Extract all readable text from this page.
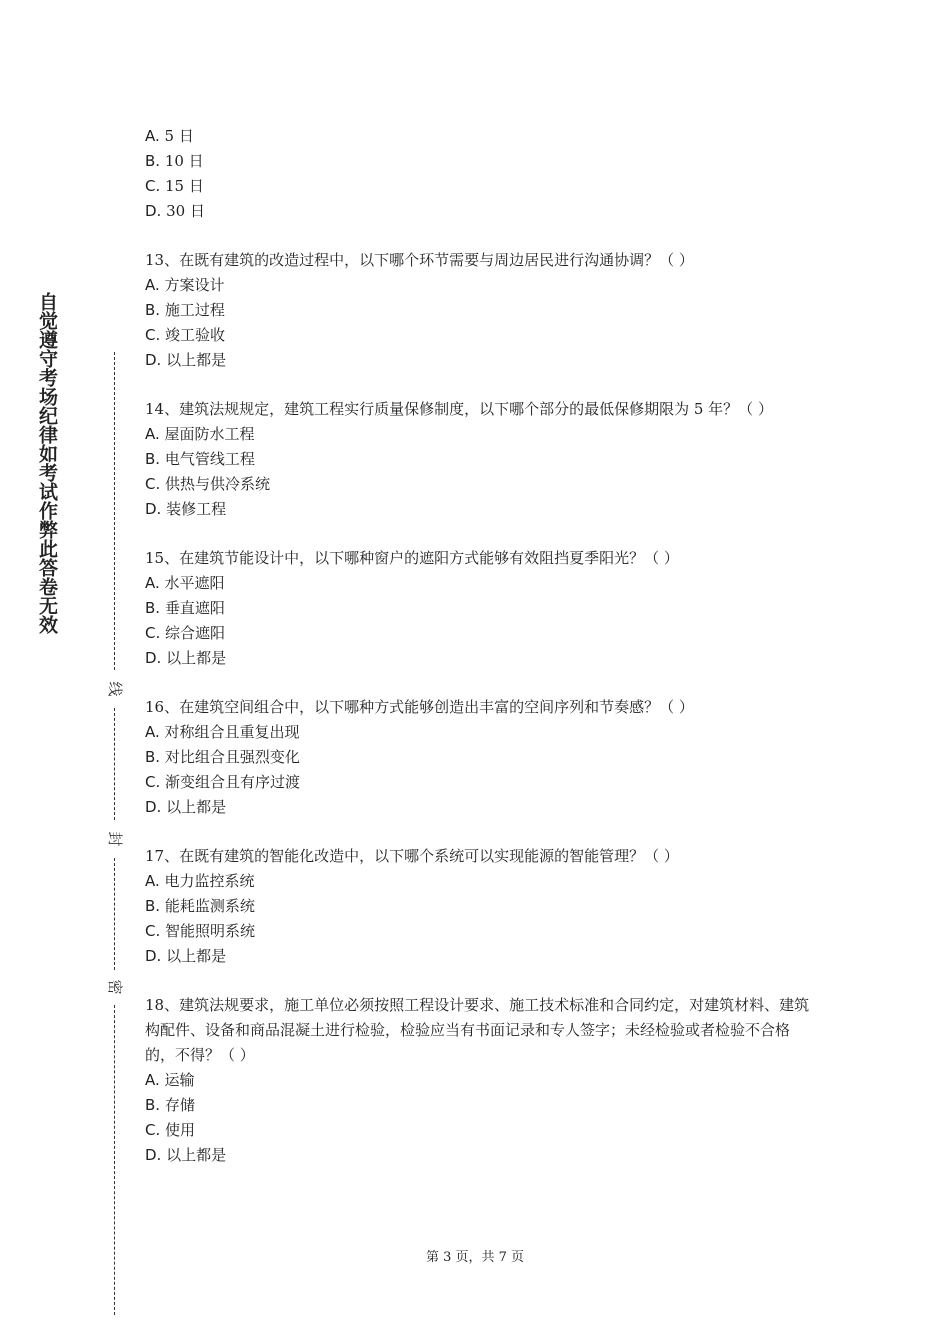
自觉遵守考场纪律如考试作弊此答卷无效
线
封
密
A. 5 日
B. 10 日
C. 15 日
D. 30 日
13、在既有建筑的改造过程中，以下哪个环节需要与周边居民进行沟通协调？（ ）
A. 方案设计
B. 施工过程
C. 竣工验收
D. 以上都是
14、建筑法规规定，建筑工程实行质量保修制度，以下哪个部分的最低保修期限为 5 年？（ ）
A. 屋面防水工程
B. 电气管线工程
C. 供热与供冷系统
D. 装修工程
15、在建筑节能设计中，以下哪种窗户的遮阳方式能够有效阻挡夏季阳光？（ ）
A. 水平遮阳
B. 垂直遮阳
C. 综合遮阳
D. 以上都是
16、在建筑空间组合中，以下哪种方式能够创造出丰富的空间序列和节奏感？（ ）
A. 对称组合且重复出现
B. 对比组合且强烈变化
C. 渐变组合且有序过渡
D. 以上都是
17、在既有建筑的智能化改造中，以下哪个系统可以实现能源的智能管理？（ ）
A. 电力监控系统
B. 能耗监测系统
C. 智能照明系统
D. 以上都是
18、建筑法规要求，施工单位必须按照工程设计要求、施工技术标准和合同约定，对建筑材料、建筑构配件、设备和商品混凝土进行检验，检验应当有书面记录和专人签字；未经检验或者检验不合格的，不得？（ ）
A. 运输
B. 存储
C. 使用
D. 以上都是
第 3 页，共 7 页
